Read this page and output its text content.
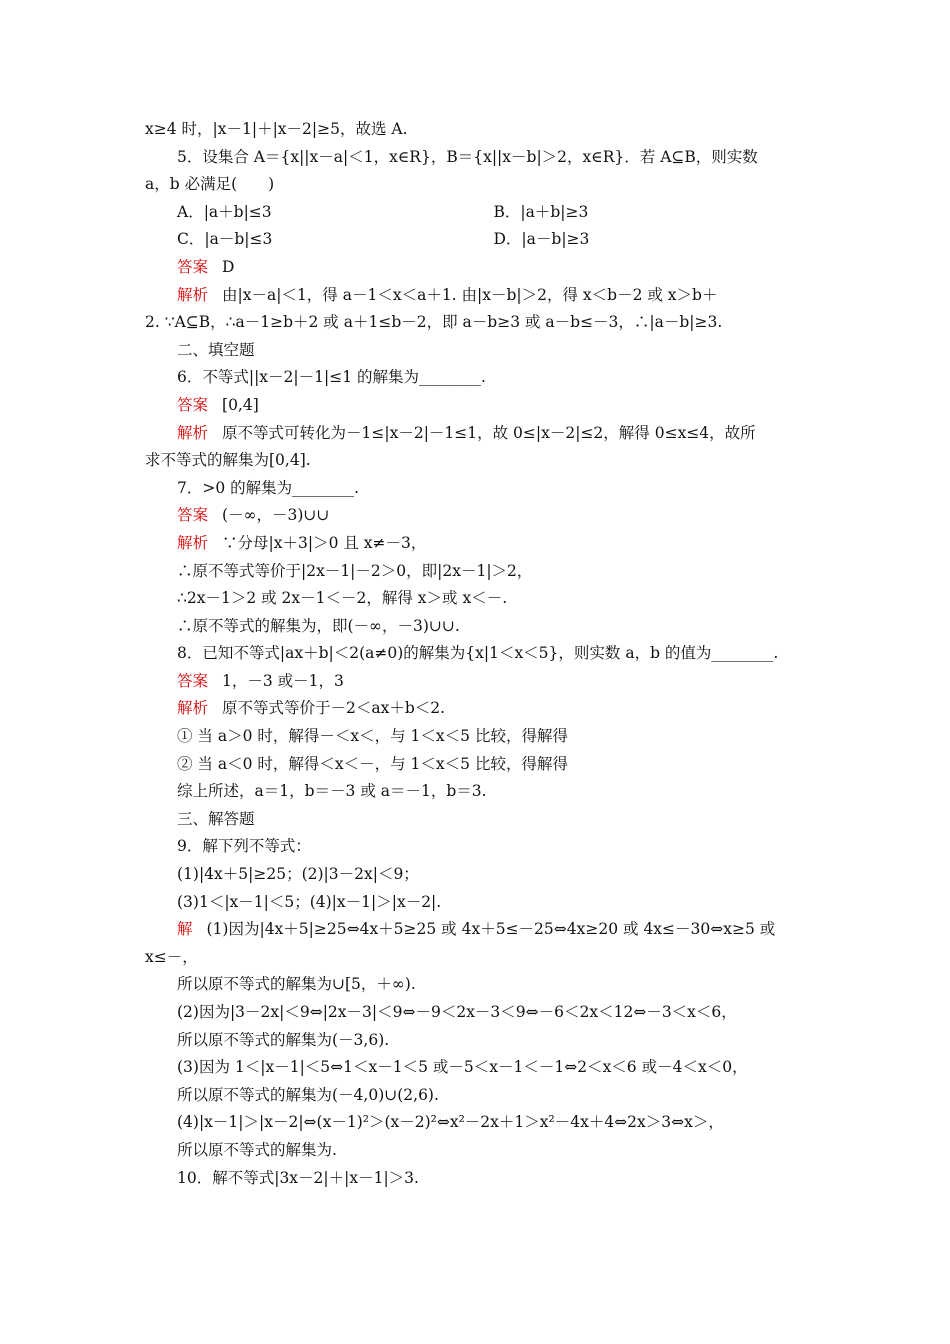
x≥4 时，|x－1|＋|x－2|≥5，故选 A.
5．设集合 A＝{x||x－a|＜1，x∈R}，B＝{x||x－b|＞2，x∈R}．若 A⊆B，则实数
a，b 必满足(　　)
A．|a＋b|≤3	B．|a＋b|≥3
C．|a－b|≤3	D．|a－b|≥3
答案 D
解析 由|x－a|＜1，得 a－1＜x＜a＋1. 由|x－b|＞2，得 x＜b－2 或 x＞b＋
2. ∵A⊆B，∴a－1≥b＋2 或 a＋1≤b－2，即 a－b≥3 或 a－b≤－3，∴|a－b|≥3.
二、填空题
6．不等式||x－2|－1|≤1 的解集为________.
答案 [0,4]
解析 原不等式可转化为－1≤|x－2|－1≤1，故 0≤|x－2|≤2，解得 0≤x≤4，故所
求不等式的解集为[0,4].
7．>0 的解集为________.
答案 (－∞，－3)∪∪
解析 ∵分母|x＋3|＞0 且 x≠－3，
∴原不等式等价于|2x－1|－2＞0，即|2x－1|＞2，
∴2x－1＞2 或 2x－1＜－2，解得 x＞或 x＜－.
∴原不等式的解集为，即(－∞，－3)∪∪.
8．已知不等式|ax＋b|＜2(a≠0)的解集为{x|1＜x＜5}，则实数 a，b 的值为________.
答案 1，－3 或－1，3
解析 原不等式等价于－2＜ax＋b＜2.
① 当 a＞0 时，解得－＜x＜，与 1＜x＜5 比较，得解得
② 当 a＜0 时，解得＜x＜－，与 1＜x＜5 比较，得解得
综上所述，a＝1，b＝－3 或 a＝－1，b＝3.
三、解答题
9．解下列不等式：
(1)|4x＋5|≥25；(2)|3－2x|＜9；
(3)1＜|x－1|＜5；(4)|x－1|＞|x－2|.
解 (1)因为|4x＋5|≥25⇔4x＋5≥25 或 4x＋5≤－25⇔4x≥20 或 4x≤－30⇔x≥5 或
x≤－，
所以原不等式的解集为∪[5，＋∞).
(2)因为|3－2x|＜9⇔|2x－3|＜9⇔－9＜2x－3＜9⇔－6＜2x＜12⇔－3＜x＜6，
所以原不等式的解集为(－3,6).
(3)因为 1＜|x－1|＜5⇔1＜x－1＜5 或－5＜x－1＜－1⇔2＜x＜6 或－4＜x＜0，
所以原不等式的解集为(－4,0)∪(2,6).
(4)|x－1|＞|x－2|⇔(x－1)²＞(x－2)²⇔x²－2x＋1＞x²－4x＋4⇔2x＞3⇔x＞，
所以原不等式的解集为.
10．解不等式|3x－2|＋|x－1|＞3.
